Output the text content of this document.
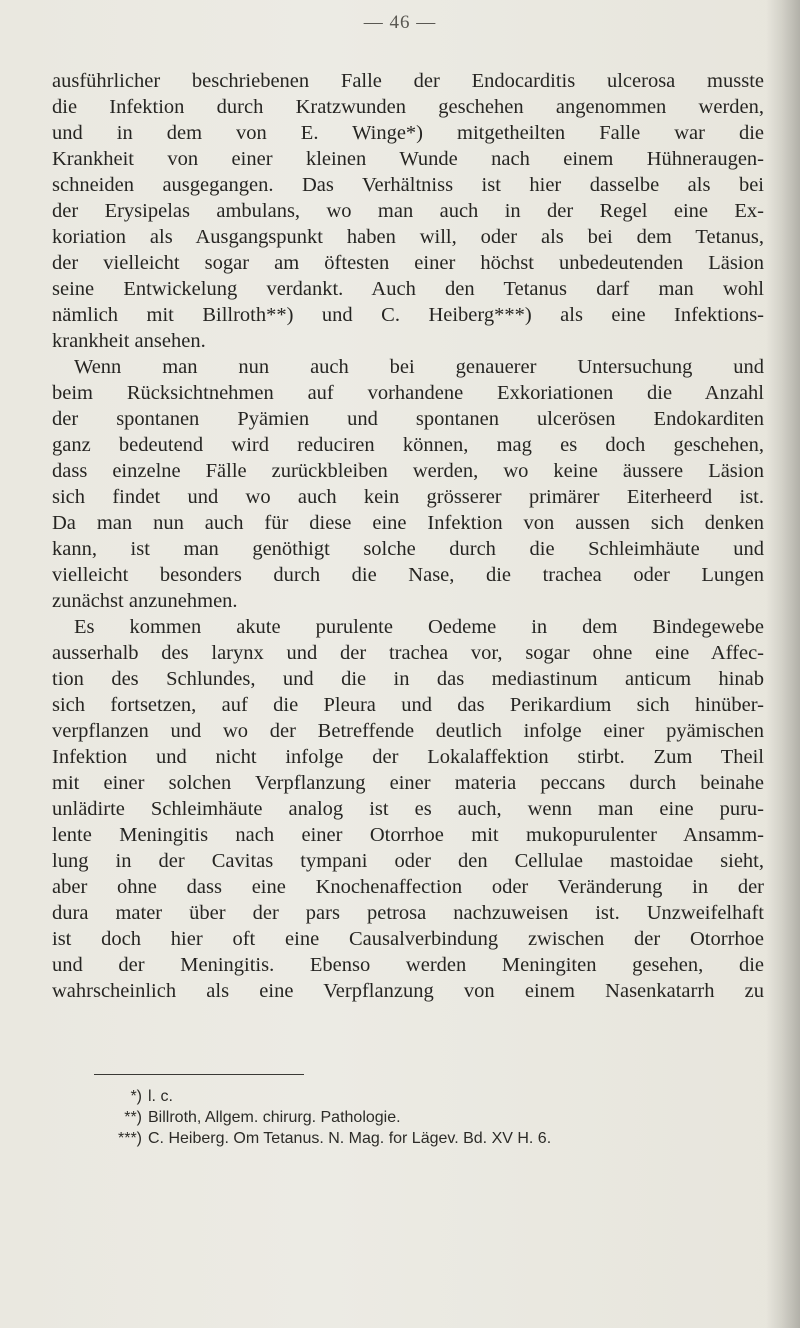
— 46 —
ausführlicher beschriebenen Falle der Endocarditis ulcerosa musste
die Infektion durch Kratzwunden geschehen angenommen werden,
und in dem von E. Winge*) mitgetheilten Falle war die
Krankheit von einer kleinen Wunde nach einem Hühneraugen-
schneiden ausgegangen. Das Verhältniss ist hier dasselbe als bei
der Erysipelas ambulans, wo man auch in der Regel eine Ex-
koriation als Ausgangspunkt haben will, oder als bei dem Tetanus,
der vielleicht sogar am öftesten einer höchst unbedeutenden Läsion
seine Entwickelung verdankt. Auch den Tetanus darf man wohl
nämlich mit Billroth**) und C. Heiberg***) als eine Infektions-
krankheit ansehen.
Wenn man nun auch bei genauerer Untersuchung und
beim Rücksichtnehmen auf vorhandene Exkoriationen die Anzahl
der spontanen Pyämien und spontanen ulcerösen Endokarditen
ganz bedeutend wird reduciren können, mag es doch geschehen,
dass einzelne Fälle zurückbleiben werden, wo keine äussere Läsion
sich findet und wo auch kein grösserer primärer Eiterheerd ist.
Da man nun auch für diese eine Infektion von aussen sich denken
kann, ist man genöthigt solche durch die Schleimhäute und
vielleicht besonders durch die Nase, die trachea oder Lungen
zunächst anzunehmen.
Es kommen akute purulente Oedeme in dem Bindegewebe
ausserhalb des larynx und der trachea vor, sogar ohne eine Affec-
tion des Schlundes, und die in das mediastinum anticum hinab
sich fortsetzen, auf die Pleura und das Perikardium sich hinüber-
verpflanzen und wo der Betreffende deutlich infolge einer pyämischen
Infektion und nicht infolge der Lokalaffektion stirbt. Zum Theil
mit einer solchen Verpflanzung einer materia peccans durch beinahe
unlädirte Schleimhäute analog ist es auch, wenn man eine puru-
lente Meningitis nach einer Otorrhoe mit mukopurulenter Ansamm-
lung in der Cavitas tympani oder den Cellulae mastoidae sieht,
aber ohne dass eine Knochenaffection oder Veränderung in der
dura mater über der pars petrosa nachzuweisen ist. Unzweifelhaft
ist doch hier oft eine Causalverbindung zwischen der Otorrhoe
und der Meningitis. Ebenso werden Meningiten gesehen, die
wahrscheinlich als eine Verpflanzung von einem Nasenkatarrh zu
*) l. c.
**) Billroth, Allgem. chirurg. Pathologie.
***) C. Heiberg. Om Tetanus. N. Mag. for Lägev. Bd. XV H. 6.
